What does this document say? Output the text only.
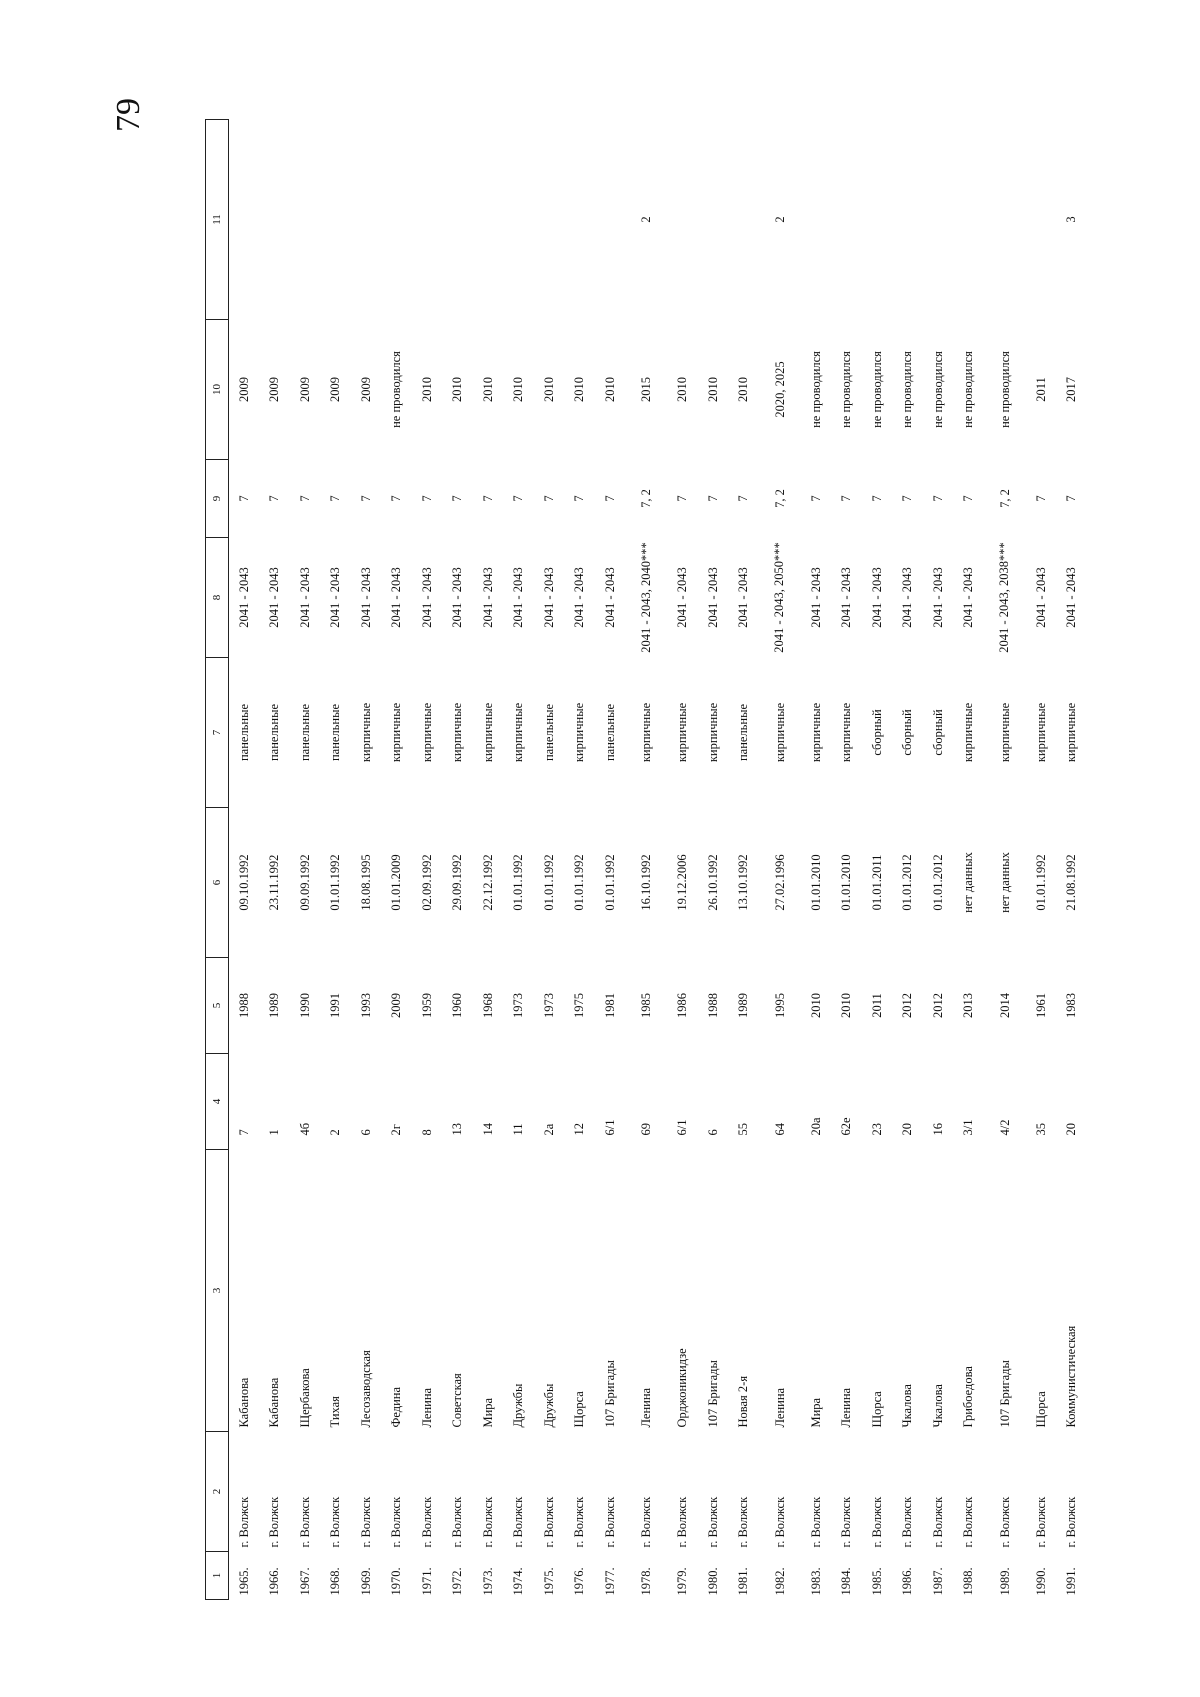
79
1	2	3	4	5	6	7	8	9	10	11
1965.	г. Волжск	Кабанова	7	1988	09.10.1992	панельные	2041 - 2043	7	2009	
1966.	г. Волжск	Кабанова	1	1989	23.11.1992	панельные	2041 - 2043	7	2009	
1967.	г. Волжск	Щербакова	4б	1990	09.09.1992	панельные	2041 - 2043	7	2009	
1968.	г. Волжск	Тихая	2	1991	01.01.1992	панельные	2041 - 2043	7	2009	
1969.	г. Волжск	Лесозаводская	6	1993	18.08.1995	кирпичные	2041 - 2043	7	2009	
1970.	г. Волжск	Федина	2г	2009	01.01.2009	кирпичные	2041 - 2043	7	не проводился	
1971.	г. Волжск	Ленина	8	1959	02.09.1992	кирпичные	2041 - 2043	7	2010	
1972.	г. Волжск	Советская	13	1960	29.09.1992	кирпичные	2041 - 2043	7	2010	
1973.	г. Волжск	Мира	14	1968	22.12.1992	кирпичные	2041 - 2043	7	2010	
1974.	г. Волжск	Дружбы	11	1973	01.01.1992	кирпичные	2041 - 2043	7	2010	
1975.	г. Волжск	Дружбы	2а	1973	01.01.1992	панельные	2041 - 2043	7	2010	
1976.	г. Волжск	Щорса	12	1975	01.01.1992	кирпичные	2041 - 2043	7	2010	
1977.	г. Волжск	107 Бригады	6/1	1981	01.01.1992	панельные	2041 - 2043	7	2010	
1978.	г. Волжск	Ленина	69	1985	16.10.1992	кирпичные	2041 - 2043, 2040***	7, 2	2015	2
1979.	г. Волжск	Орджоникидзе	6/1	1986	19.12.2006	кирпичные	2041 - 2043	7	2010	
1980.	г. Волжск	107 Бригады	6	1988	26.10.1992	кирпичные	2041 - 2043	7	2010	
1981.	г. Волжск	Новая 2-я	55	1989	13.10.1992	панельные	2041 - 2043	7	2010	
1982.	г. Волжск	Ленина	64	1995	27.02.1996	кирпичные	2041 - 2043, 2050***	7, 2	2020, 2025	2
1983.	г. Волжск	Мира	20а	2010	01.01.2010	кирпичные	2041 - 2043	7	не проводился	
1984.	г. Волжск	Ленина	62е	2010	01.01.2010	кирпичные	2041 - 2043	7	не проводился	
1985.	г. Волжск	Щорса	23	2011	01.01.2011	сборный	2041 - 2043	7	не проводился	
1986.	г. Волжск	Чкалова	20	2012	01.01.2012	сборный	2041 - 2043	7	не проводился	
1987.	г. Волжск	Чкалова	16	2012	01.01.2012	сборный	2041 - 2043	7	не проводился	
1988.	г. Волжск	Грибоедова	3/1	2013	нет данных	кирпичные	2041 - 2043	7	не проводился	
1989.	г. Волжск	107 Бригады	4/2	2014	нет данных	кирпичные	2041 - 2043, 2038***	7, 2	не проводился	
1990.	г. Волжск	Щорса	35	1961	01.01.1992	кирпичные	2041 - 2043	7	2011	
1991.	г. Волжск	Коммунистическая	20	1983	21.08.1992	кирпичные	2041 - 2043	7	2017	3
